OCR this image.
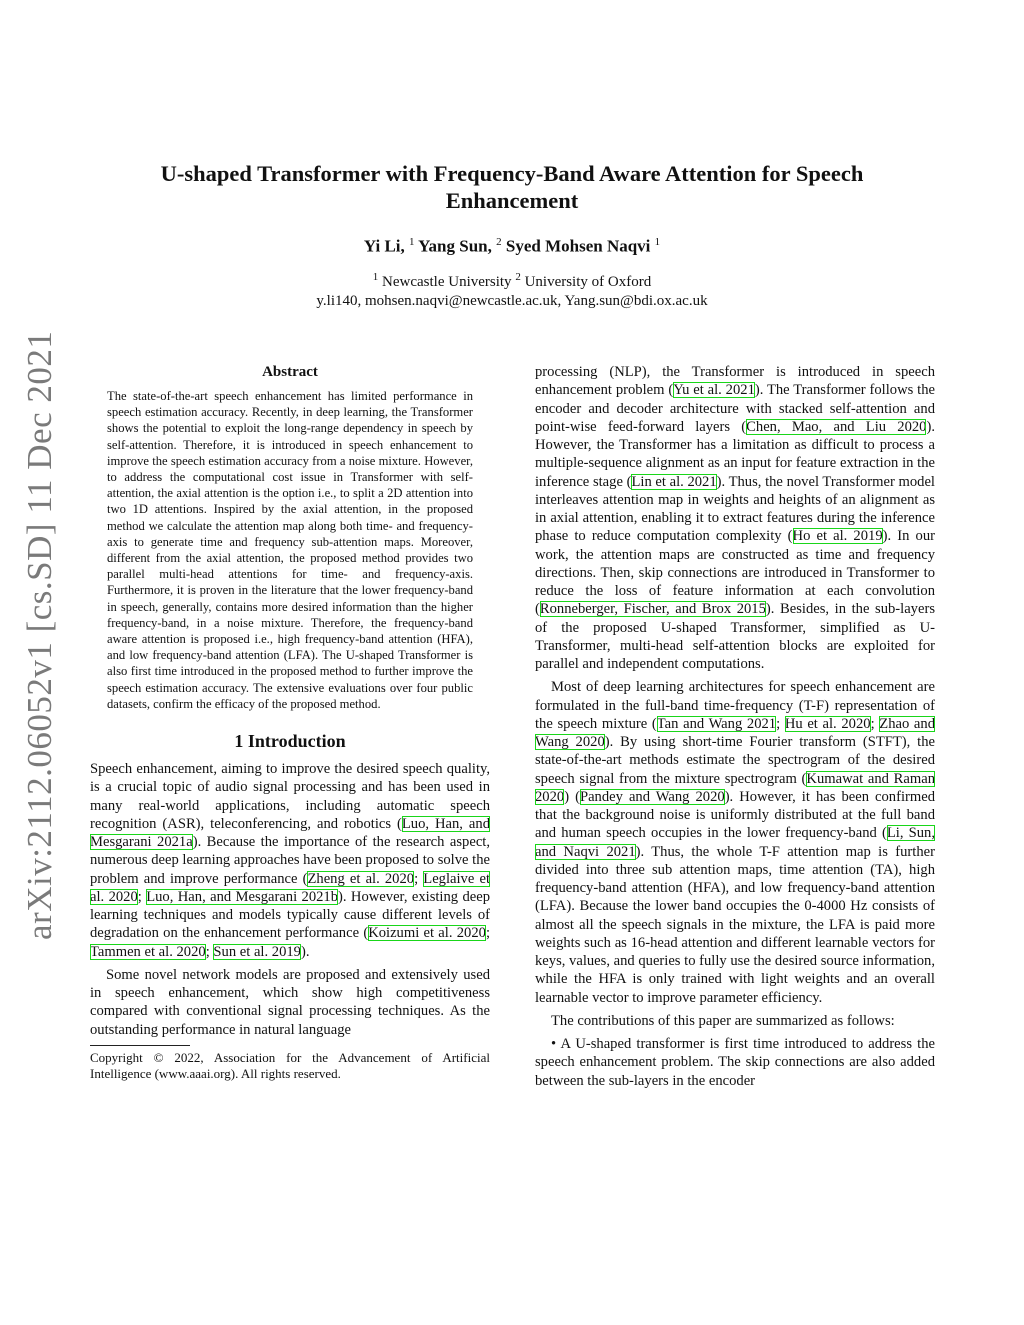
arXiv:2112.06052v1 [cs.SD] 11 Dec 2021
U-shaped Transformer with Frequency-Band Aware Attention for Speech Enhancement
Yi Li, $^1$ Yang Sun, $^2$ Syed Mohsen Naqvi $^1$
$^1$ Newcastle University $^2$ University of Oxford
y.li140, mohsen.naqvi@newcastle.ac.uk, Yang.sun@bdi.ox.ac.uk
Abstract

The state-of-the-art speech enhancement has limited performance in speech estimation accuracy. Recently, in deep learning, the Transformer shows the potential to exploit the long-range dependency in speech by self-attention. Therefore, it is introduced in speech enhancement to improve the speech estimation accuracy from a noise mixture. However, to address the computational cost issue in Transformer with self-attention, the axial attention is the option i.e., to split a 2D attention into two 1D attentions. Inspired by the axial attention, in the proposed method we calculate the attention map along both time- and frequency-axis to generate time and frequency sub-attention maps. Moreover, different from the axial attention, the proposed method provides two parallel multi-head attentions for time- and frequency-axis. Furthermore, it is proven in the literature that the lower frequency-band in speech, generally, contains more desired information than the higher frequency-band, in a noise mixture. Therefore, the frequency-band aware attention is proposed i.e., high frequency-band attention (HFA), and low frequency-band attention (LFA). The U-shaped Transformer is also first time introduced in the proposed method to further improve the speech estimation accuracy. The extensive evaluations over four public datasets, confirm the efficacy of the proposed method.

1 Introduction

Speech enhancement, aiming to improve the desired speech quality, is a crucial topic of audio signal processing and has been used in many real-world applications, including automatic speech recognition (ASR), teleconferencing, and robotics (Luo, Han, and Mesgarani 2021a). Because the importance of the research aspect, numerous deep learning approaches have been proposed to solve the problem and improve performance (Zheng et al. 2020; Leglaive et al. 2020; Luo, Han, and Mesgarani 2021b). However, existing deep learning techniques and models typically cause different levels of degradation on the enhancement performance (Koizumi et al. 2020; Tammen et al. 2020; Sun et al. 2019).

Some novel network models are proposed and extensively used in speech enhancement, which show high competitiveness compared with conventional signal processing techniques. As the outstanding performance in natural language

Copyright © 2022, Association for the Advancement of Artificial Intelligence (www.aaai.org). All rights reserved.

processing (NLP), the Transformer is introduced in speech enhancement problem (Yu et al. 2021). The Transformer follows the encoder and decoder architecture with stacked self-attention and point-wise feed-forward layers (Chen, Mao, and Liu 2020). However, the Transformer has a limitation as difficult to process a multiple-sequence alignment as an input for feature extraction in the inference stage (Lin et al. 2021). Thus, the novel Transformer model interleaves attention map in weights and heights of an alignment as in axial attention, enabling it to extract features during the inference phase to reduce computation complexity (Ho et al. 2019). In our work, the attention maps are constructed as time and frequency directions. Then, skip connections are introduced in Transformer to reduce the loss of feature information at each convolution (Ronneberger, Fischer, and Brox 2015). Besides, in the sub-layers of the proposed U-shaped Transformer, simplified as U-Transformer, multi-head self-attention blocks are exploited for parallel and independent computations.

Most of deep learning architectures for speech enhancement are formulated in the full-band time-frequency (T-F) representation of the speech mixture (Tan and Wang 2021; Hu et al. 2020; Zhao and Wang 2020). By using short-time Fourier transform (STFT), the state-of-the-art methods estimate the spectrogram of the desired speech signal from the mixture spectrogram (Kumawat and Raman 2020) (Pandey and Wang 2020). However, it has been confirmed that the background noise is uniformly distributed at the full band and human speech occupies in the lower frequency-band (Li, Sun, and Naqvi 2021). Thus, the whole T-F attention map is further divided into three sub attention maps, time attention (TA), high frequency-band attention (HFA), and low frequency-band attention (LFA). Because the lower band occupies the 0-4000 Hz consists of almost all the speech signals in the mixture, the LFA is paid more weights such as 16-head attention and different learnable vectors for keys, values, and queries to fully use the desired source information, while the HFA is only trained with light weights and an overall learnable vector to improve parameter efficiency.

The contributions of this paper are summarized as follows:

• A U-shaped transformer is first time introduced to address the speech enhancement problem. The skip connections are also added between the sub-layers in the encoder
